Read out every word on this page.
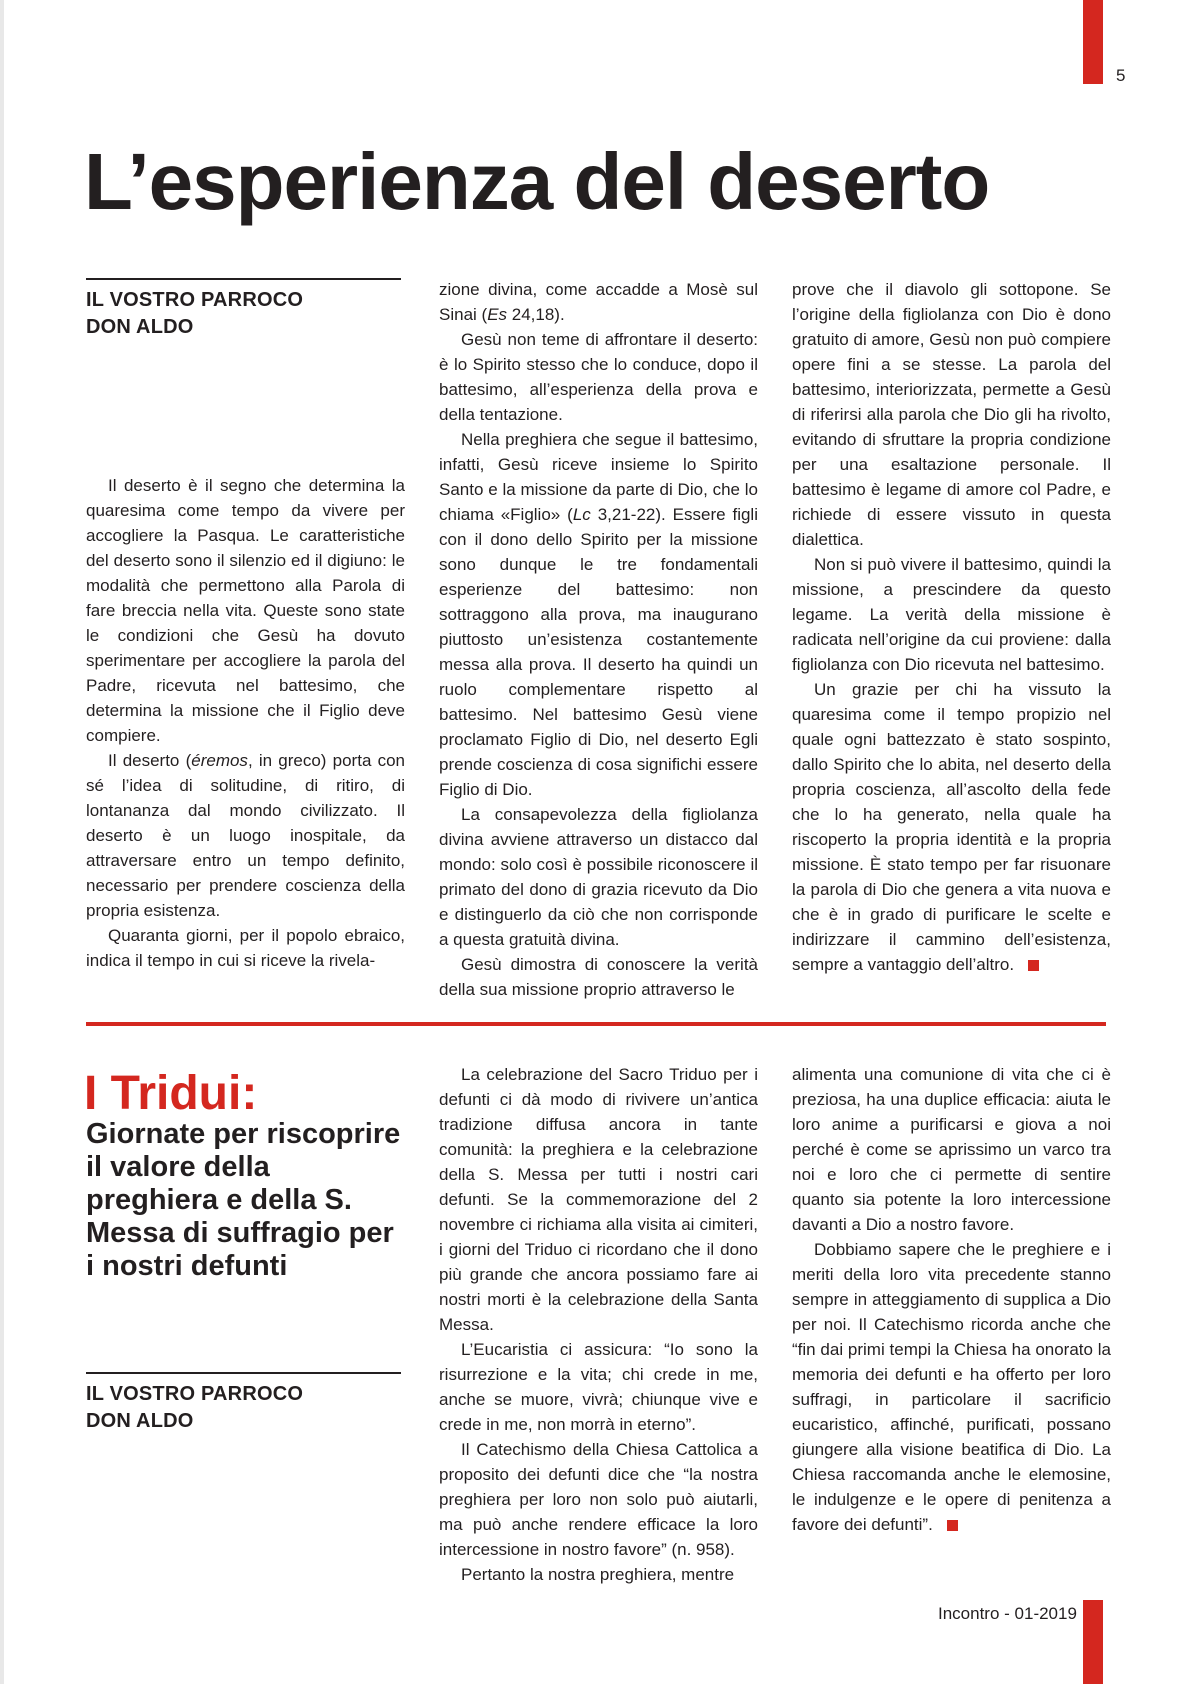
5
L’esperienza del deserto
IL VOSTRO PARROCO
DON ALDO

Il deserto è il segno che determina la quaresima come tempo da vivere per accogliere la Pasqua. Le caratteristiche del deserto sono il silenzio ed il digiuno: le modalità che permettono alla Parola di fare breccia nella vita. Queste sono state le condizioni che Gesù ha dovuto sperimentare per accogliere la parola del Padre, ricevuta nel battesimo, che determina la missione che il Figlio deve compiere.

Il deserto (éremos, in greco) porta con sé l’idea di solitudine, di ritiro, di lontananza dal mondo civilizzato. Il deserto è un luogo inospitale, da attraversare entro un tempo definito, necessario per prendere coscienza della propria esistenza.

Quaranta giorni, per il popolo ebraico, indica il tempo in cui si riceve la rivela-

zione divina, come accadde a Mosè sul Sinai (Es 24,18).

Gesù non teme di affrontare il deserto: è lo Spirito stesso che lo conduce, dopo il battesimo, all’esperienza della prova e della tentazione.

Nella preghiera che segue il battesimo, infatti, Gesù riceve insieme lo Spirito Santo e la missione da parte di Dio, che lo chiama «Figlio» (Lc 3,21-22). Essere figli con il dono dello Spirito per la missione sono dunque le tre fondamentali esperienze del battesimo: non sottraggono alla prova, ma inaugurano piuttosto un’esistenza costantemente messa alla prova. Il deserto ha quindi un ruolo complementare rispetto al battesimo. Nel battesimo Gesù viene proclamato Figlio di Dio, nel deserto Egli prende coscienza di cosa significhi essere Figlio di Dio.

La consapevolezza della figliolanza divina avviene attraverso un distacco dal mondo: solo così è possibile riconoscere il primato del dono di grazia ricevuto da Dio e distinguerlo da ciò che non corrisponde a questa gratuità divina.

Gesù dimostra di conoscere la verità della sua missione proprio attraverso le

prove che il diavolo gli sottopone. Se l’origine della figliolanza con Dio è dono gratuito di amore, Gesù non può compiere opere fini a se stesse. La parola del battesimo, interiorizzata, permette a Gesù di riferirsi alla parola che Dio gli ha rivolto, evitando di sfruttare la propria condizione per una esaltazione personale. Il battesimo è legame di amore col Padre, e richiede di essere vissuto in questa dialettica.

Non si può vivere il battesimo, quindi la missione, a prescindere da questo legame. La verità della missione è radicata nell’origine da cui proviene: dalla figliolanza con Dio ricevuta nel battesimo.

Un grazie per chi ha vissuto la quaresima come il tempo propizio nel quale ogni battezzato è stato sospinto, dallo Spirito che lo abita, nel deserto della propria coscienza, all’ascolto della fede che lo ha generato, nella quale ha riscoperto la propria identità e la propria missione. È stato tempo per far risuonare la parola di Dio che genera a vita nuova e che è in grado di purificare le scelte e indirizzare il cammino dell’esistenza, sempre a vantaggio dell’altro.

I Tridui:
Giornate per riscoprire il valore della preghiera e della S. Messa di suffragio per i nostri defunti
IL VOSTRO PARROCO
DON ALDO

La celebrazione del Sacro Triduo per i defunti ci dà modo di rivivere un’antica tradizione diffusa ancora in tante comunità: la preghiera e la celebrazione della S. Messa per tutti i nostri cari defunti. Se la commemorazione del 2 novembre ci richiama alla visita ai cimiteri, i giorni del Triduo ci ricordano che il dono più grande che ancora possiamo fare ai nostri morti è la celebrazione della Santa Messa.

L’Eucaristia ci assicura: “Io sono la risurrezione e la vita; chi crede in me, anche se muore, vivrà; chiunque vive e crede in me, non morrà in eterno”.

Il Catechismo della Chiesa Cattolica a proposito dei defunti dice che “la nostra preghiera per loro non solo può aiutarli, ma può anche rendere efficace la loro intercessione in nostro favore” (n. 958).

Pertanto la nostra preghiera, mentre

alimenta una comunione di vita che ci è preziosa, ha una duplice efficacia: aiuta le loro anime a purificarsi e giova a noi perché è come se aprissimo un varco tra noi e loro che ci permette di sentire quanto sia potente la loro intercessione davanti a Dio a nostro favore.

Dobbiamo sapere che le preghiere e i meriti della loro vita precedente stanno sempre in atteggiamento di supplica a Dio per noi. Il Catechismo ricorda anche che “fin dai primi tempi la Chiesa ha onorato la memoria dei defunti e ha offerto per loro suffragi, in particolare il sacrificio eucaristico, affinché, purificati, possano giungere alla visione beatifica di Dio. La Chiesa raccomanda anche le elemosine, le indulgenze e le opere di penitenza a favore dei defunti”.

Incontro - 01-2019
